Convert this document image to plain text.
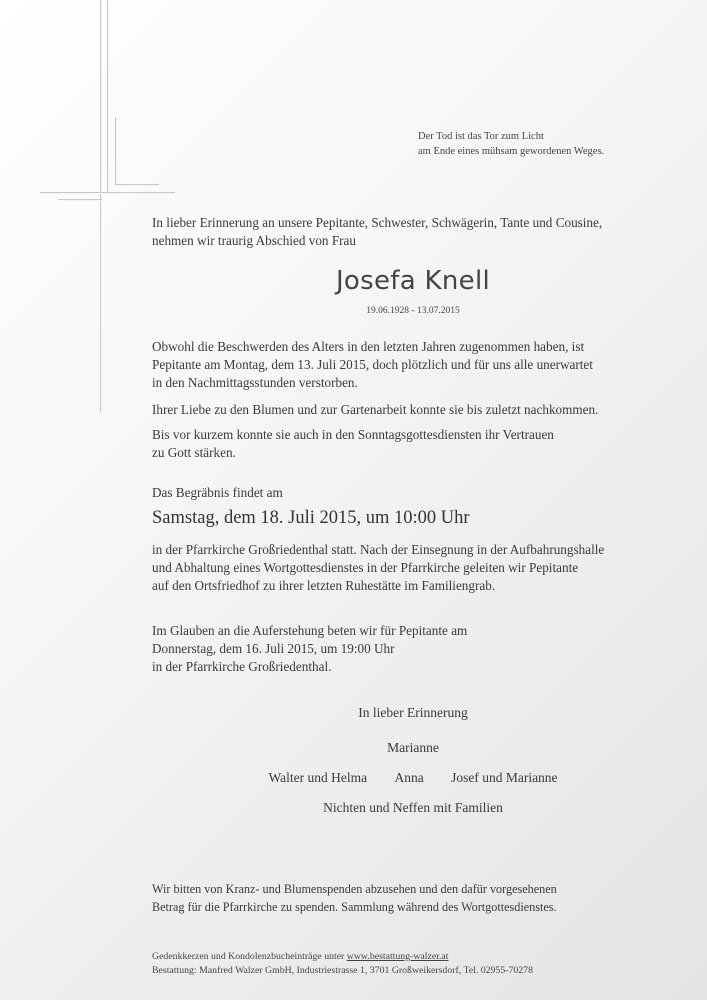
Der Tod ist das Tor zum Licht
am Ende eines mühsam gewordenen Weges.
In lieber Erinnerung an unsere Pepitante, Schwester, Schwägerin, Tante und Cousine,
nehmen wir traurig Abschied von Frau
Josefa Knell
19.06.1928 - 13.07.2015
Obwohl die Beschwerden des Alters in den letzten Jahren zugenommen haben, ist
Pepitante am Montag, dem 13. Juli 2015, doch plötzlich und für uns alle unerwartet
in den Nachmittagsstunden verstorben.
Ihrer Liebe zu den Blumen und zur Gartenarbeit konnte sie bis zuletzt nachkommen.
Bis vor kurzem konnte sie auch in den Sonntagsgottesdiensten ihr Vertrauen
zu Gott stärken.
Das Begräbnis findet am
Samstag, dem 18. Juli 2015, um 10:00 Uhr
in der Pfarrkirche Großriedenthal statt. Nach der Einsegnung in der Aufbahrungshalle
und Abhaltung eines Wortgottesdienstes in der Pfarrkirche geleiten wir Pepitante
auf den Ortsfriedhof zu ihrer letzten Ruhestätte im Familiengrab.
Im Glauben an die Auferstehung beten wir für Pepitante am
Donnerstag, dem 16. Juli 2015, um 19:00 Uhr
in der Pfarrkirche Großriedenthal.
In lieber Erinnerung
Marianne
Walter und Helma Anna Josef und Marianne
Nichten und Neffen mit Familien
Wir bitten von Kranz- und Blumenspenden abzusehen und den dafür vorgesehenen
Betrag für die Pfarrkirche zu spenden. Sammlung während des Wortgottesdienstes.
Gedenkkerzen und Kondolenzbucheinträge unter www.bestattung-walzer.at
Bestattung: Manfred Walzer GmbH, Industriestrasse 1, 3701 Großweikersdorf, Tel. 02955-70278
